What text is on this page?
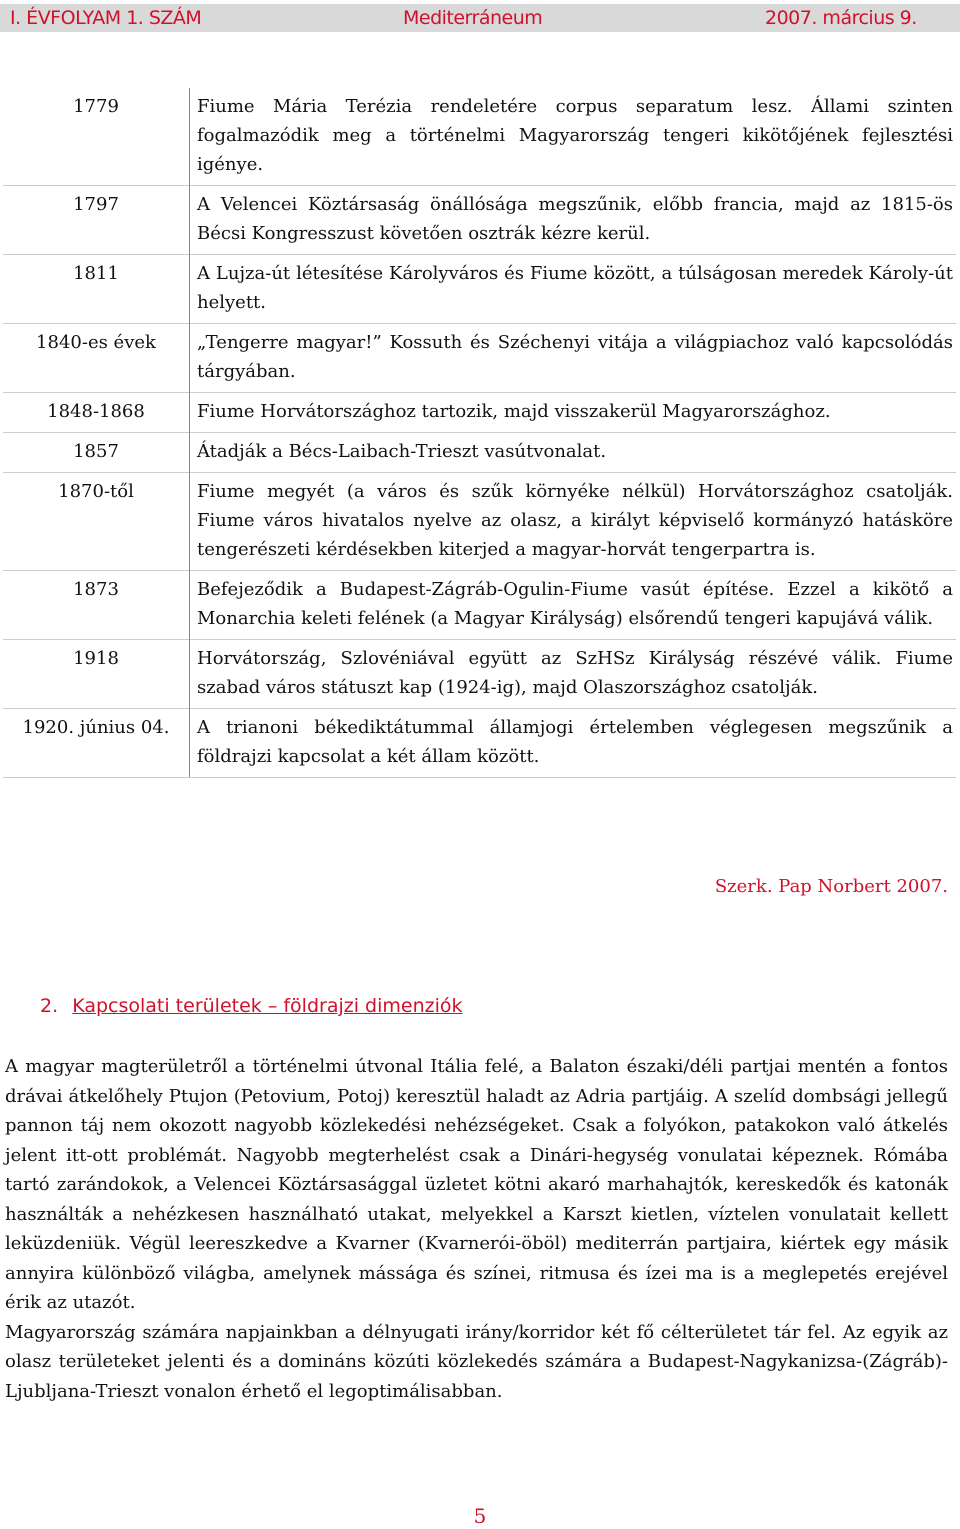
I. ÉVFOLYAM 1. SZÁM	Mediterráneum	2007. március 9.
1779	Fiume Mária Terézia rendeletére corpus separatum lesz. Állami szinten fogalmazódik meg a történelmi Magyarország tengeri kikötőjének fejlesztési igénye.
1797	A Velencei Köztársaság önállósága megszűnik, előbb francia, majd az 1815-ös Bécsi Kongresszust követően osztrák kézre kerül.
1811	A Lujza-út létesítése Károlyváros és Fiume között, a túlságosan meredek Károly-út helyett.
1840-es évek	„Tengerre magyar!” Kossuth és Széchenyi vitája a világpiachoz való kapcsolódás tárgyában.
1848-1868	Fiume Horvátországhoz tartozik, majd visszakerül Magyarországhoz.
1857	Átadják a Bécs-Laibach-Trieszt vasútvonalat.
1870-től	Fiume megyét (a város és szűk környéke nélkül) Horvátországhoz csatolják. Fiume város hivatalos nyelve az olasz, a királyt képviselő kormányzó hatásköre tengerészeti kérdésekben kiterjed a magyar-horvát tengerpartra is.
1873	Befejeződik a Budapest-Zágráb-Ogulin-Fiume vasút építése. Ezzel a kikötő a Monarchia keleti felének (a Magyar Királyság) elsőrendű tengeri kapujává válik.
1918	Horvátország, Szlovéniával együtt az SzHSz Királyság részévé válik. Fiume szabad város státuszt kap (1924-ig), majd Olaszországhoz csatolják.
1920. június 04.	A trianoni békediktátummal államjogi értelemben véglegesen megszűnik a földrajzi kapcsolat a két állam között.
Szerk. Pap Norbert 2007.
2. Kapcsolati területek – földrajzi dimenziók

A magyar magterületről a történelmi útvonal Itália felé, a Balaton északi/déli partjai mentén a fontos drávai átkelőhely Ptujon (Petovium, Potoj) keresztül haladt az Adria partjáig. A szelíd dombsági jellegű pannon táj nem okozott nagyobb közlekedési nehézségeket. Csak a folyókon, patakokon való átkelés jelent itt-ott problémát. Nagyobb megterhelést csak a Dinári-hegység vonulatai képeznek. Rómába tartó zarándokok, a Velencei Köztársasággal üzletet kötni akaró marhahajtók, kereskedők és katonák használták a nehézkesen használható utakat, melyekkel a Karszt kietlen, víztelen vonulatait kellett leküzdeniük. Végül leereszkedve a Kvarner (Kvarnerói-öböl) mediterrán partjaira, kiértek egy másik annyira különböző világba, amelynek mássága és színei, ritmusa és ízei ma is a meglepetés erejével érik az utazót.

Magyarország számára napjainkban a délnyugati irány/korridor két fő célterületet tár fel. Az egyik az olasz területeket jelenti és a domináns közúti közlekedés számára a Budapest-Nagykanizsa-(Zágráb)-Ljubljana-Trieszt vonalon érhető el legoptimálisabban.

5
